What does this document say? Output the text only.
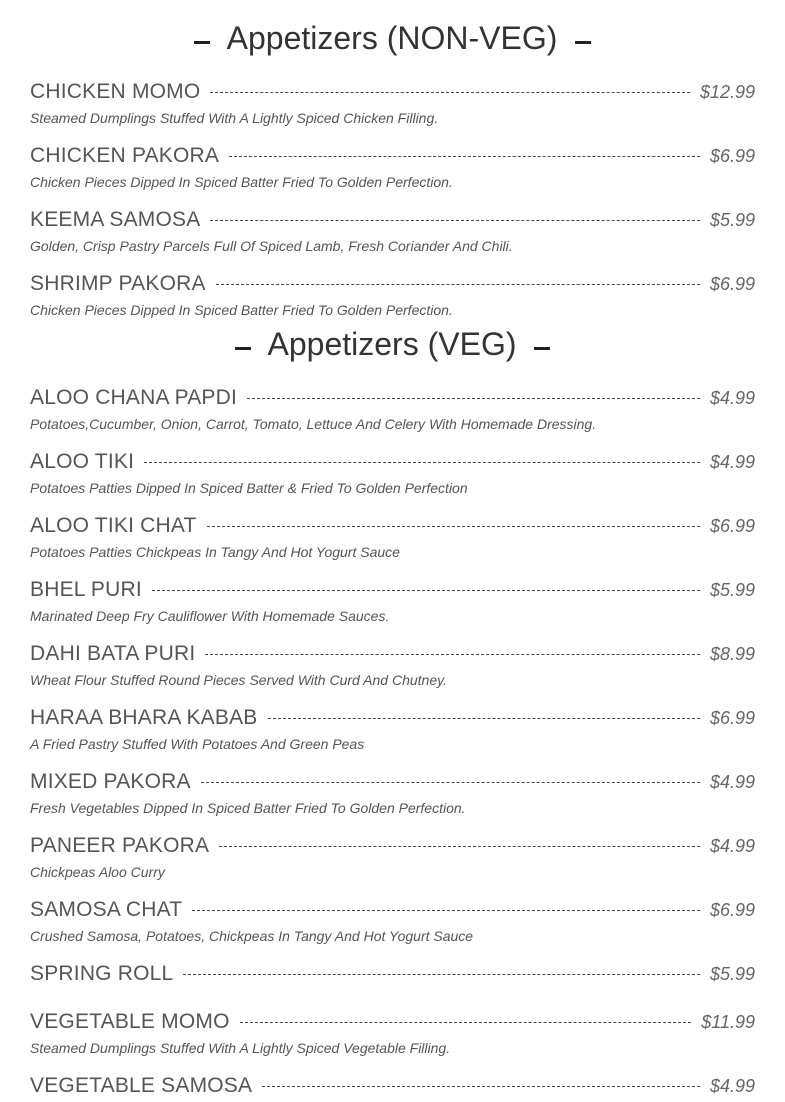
Appetizers (NON-VEG)
CHICKEN MOMO	$12.99
Steamed Dumplings Stuffed With A Lightly Spiced Chicken Filling.
CHICKEN PAKORA	$6.99
Chicken Pieces Dipped In Spiced Batter Fried To Golden Perfection.
KEEMA SAMOSA	$5.99
Golden, Crisp Pastry Parcels Full Of Spiced Lamb, Fresh Coriander And Chili.
SHRIMP PAKORA	$6.99
Chicken Pieces Dipped In Spiced Batter Fried To Golden Perfection.
Appetizers (VEG)
ALOO CHANA PAPDI	$4.99
Potatoes,Cucumber, Onion, Carrot, Tomato, Lettuce And Celery With Homemade Dressing.
ALOO TIKI	$4.99
Potatoes Patties Dipped In Spiced Batter & Fried To Golden Perfection
ALOO TIKI CHAT	$6.99
Potatoes Patties Chickpeas In Tangy And Hot Yogurt Sauce
BHEL PURI	$5.99
Marinated Deep Fry Cauliflower With Homemade Sauces.
DAHI BATA PURI	$8.99
Wheat Flour Stuffed Round Pieces Served With Curd And Chutney.
HARAA BHARA KABAB	$6.99
A Fried Pastry Stuffed With Potatoes And Green Peas
MIXED PAKORA	$4.99
Fresh Vegetables Dipped In Spiced Batter Fried To Golden Perfection.
PANEER PAKORA	$4.99
Chickpeas Aloo Curry
SAMOSA CHAT	$6.99
Crushed Samosa, Potatoes, Chickpeas In Tangy And Hot Yogurt Sauce
SPRING ROLL	$5.99
VEGETABLE MOMO	$11.99
Steamed Dumplings Stuffed With A Lightly Spiced Vegetable Filling.
VEGETABLE SAMOSA	$4.99
